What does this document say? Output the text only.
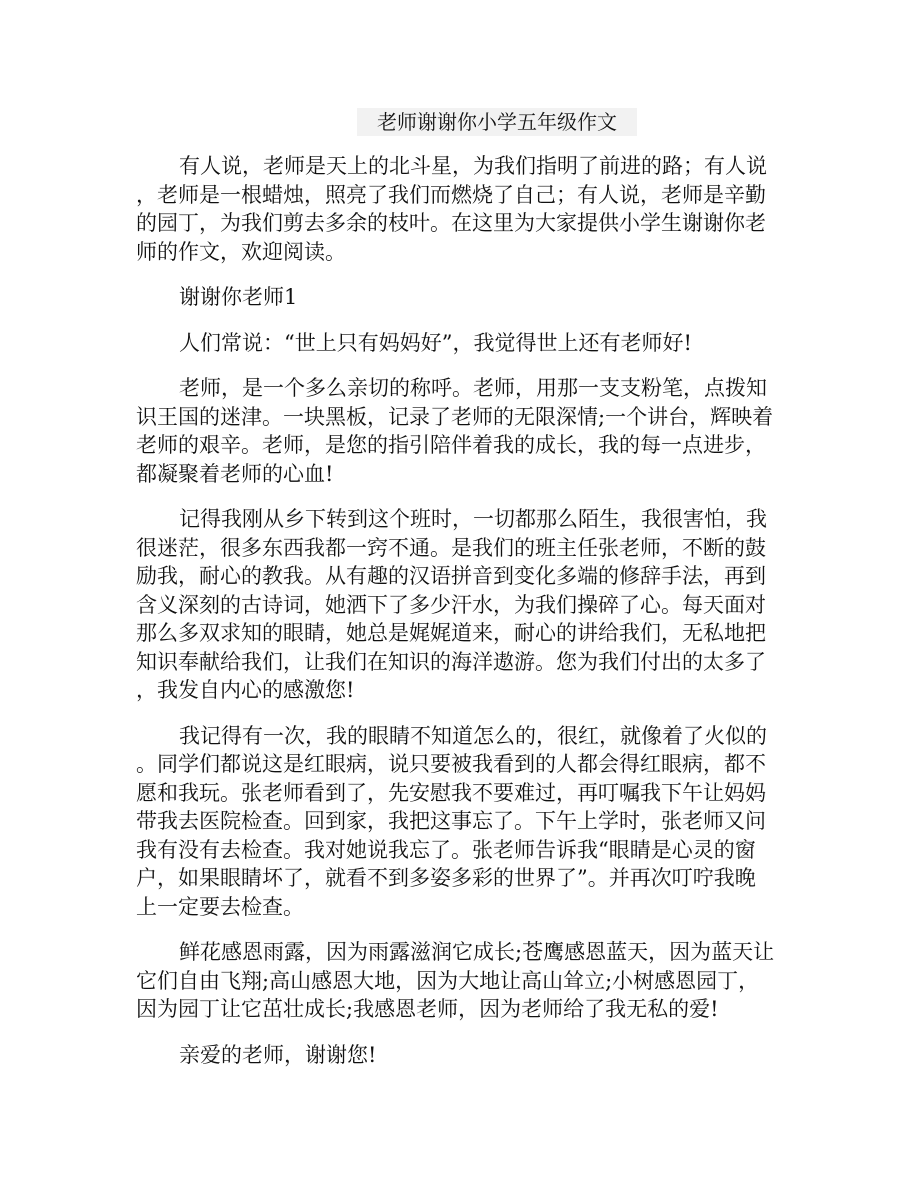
老师谢谢你小学五年级作文
有人说，老师是天上的北斗星，为我们指明了前进的路；有人说
，老师是一根蜡烛，照亮了我们而燃烧了自己；有人说，老师是辛勤
的园丁，为我们剪去多余的枝叶。在这里为大家提供小学生谢谢你老
师的作文，欢迎阅读。
谢谢你老师1
人们常说：“世上只有妈妈好”，我觉得世上还有老师好!
老师，是一个多么亲切的称呼。老师，用那一支支粉笔，点拨知
识王国的迷津。一块黑板，记录了老师的无限深情;一个讲台，辉映着
老师的艰辛。老师，是您的指引陪伴着我的成长，我的每一点进步，
都凝聚着老师的心血!
记得我刚从乡下转到这个班时，一切都那么陌生，我很害怕，我
很迷茫，很多东西我都一窍不通。是我们的班主任张老师，不断的鼓
励我，耐心的教我。从有趣的汉语拼音到变化多端的修辞手法，再到
含义深刻的古诗词，她洒下了多少汗水，为我们操碎了心。每天面对
那么多双求知的眼睛，她总是娓娓道来，耐心的讲给我们，无私地把
知识奉献给我们，让我们在知识的海洋遨游。您为我们付出的太多了
，我发自内心的感激您!
我记得有一次，我的眼睛不知道怎么的，很红，就像着了火似的
。同学们都说这是红眼病，说只要被我看到的人都会得红眼病，都不
愿和我玩。张老师看到了，先安慰我不要难过，再叮嘱我下午让妈妈
带我去医院检查。回到家，我把这事忘了。下午上学时，张老师又问
我有没有去检查。我对她说我忘了。张老师告诉我“眼睛是心灵的窗
户，如果眼睛坏了，就看不到多姿多彩的世界了”。并再次叮咛我晚
上一定要去检查。
鲜花感恩雨露，因为雨露滋润它成长;苍鹰感恩蓝天，因为蓝天让
它们自由飞翔;高山感恩大地，因为大地让高山耸立;小树感恩园丁，
因为园丁让它茁壮成长;我感恩老师，因为老师给了我无私的爱!
亲爱的老师，谢谢您!
